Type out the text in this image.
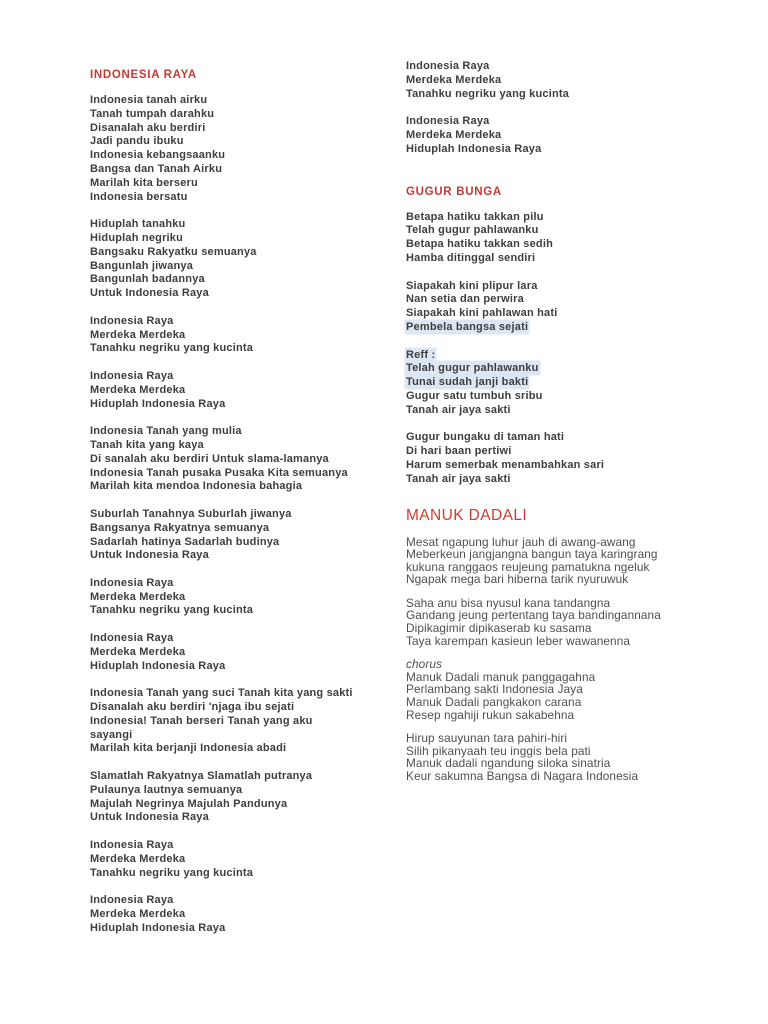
INDONESIA RAYA
Indonesia tanah airku
Tanah tumpah darahku
Disanalah aku berdiri
Jadi pandu ibuku
Indonesia kebangsaanku
Bangsa dan Tanah Airku
Marilah kita berseru
Indonesia bersatu
Hiduplah tanahku
Hiduplah negriku
Bangsaku Rakyatku semuanya
Bangunlah jiwanya
Bangunlah badannya
Untuk Indonesia Raya
Indonesia Raya
Merdeka Merdeka
Tanahku negriku yang kucinta
Indonesia Raya
Merdeka Merdeka
Hiduplah Indonesia Raya
Indonesia Tanah yang mulia
Tanah kita yang kaya
Di sanalah aku berdiri Untuk slama-lamanya
Indonesia Tanah pusaka Pusaka Kita semuanya
Marilah kita mendoa Indonesia bahagia
Suburlah Tanahnya Suburlah jiwanya
Bangsanya Rakyatnya semuanya
Sadarlah hatinya Sadarlah budinya
Untuk Indonesia Raya
Indonesia Raya
Merdeka Merdeka
Tanahku negriku yang kucinta
Indonesia Raya
Merdeka Merdeka
Hiduplah Indonesia Raya
Indonesia Tanah yang suci Tanah kita yang sakti
Disanalah aku berdiri 'njaga ibu sejati
Indonesia! Tanah berseri Tanah yang aku
sayangi
Marilah kita berjanji Indonesia abadi
Slamatlah Rakyatnya Slamatlah putranya
Pulaunya lautnya semuanya
Majulah Negrinya Majulah Pandunya
Untuk Indonesia Raya
Indonesia Raya
Merdeka Merdeka
Tanahku negriku yang kucinta
Indonesia Raya
Merdeka Merdeka
Hiduplah Indonesia Raya
Indonesia Raya
Merdeka Merdeka
Tanahku negriku yang kucinta
Indonesia Raya
Merdeka Merdeka
Hiduplah Indonesia Raya
GUGUR BUNGA
Betapa hatiku takkan pilu
Telah gugur pahlawanku
Betapa hatiku takkan sedih
Hamba ditinggal sendiri
Siapakah kini plipur lara
Nan setia dan perwira
Siapakah kini pahlawan hati
Pembela bangsa sejati
Reff :
Telah gugur pahlawanku
Tunai sudah janji bakti
Gugur satu tumbuh sribu
Tanah air jaya sakti
Gugur bungaku di taman hati
Di hari baan pertiwi
Harum semerbak menambahkan sari
Tanah air jaya sakti
MANUK DADALI
Mesat ngapung luhur jauh di awang-awang
Meberkeun jangjangna bangun taya karingrang
kukuna ranggaos reujeung pamatukna ngeluk
Ngapak mega bari hiberna tarik nyuruwuk
Saha anu bisa nyusul kana tandangna
Gandang jeung pertentang taya bandingannana
Dipikagimir dipikaserab ku sasama
Taya karempan kasieun leber wawanenna
chorus
Manuk Dadali manuk panggagahna
Perlambang sakti Indonesia Jaya
Manuk Dadali pangkakon carana
Resep ngahiji rukun sakabehna
Hirup sauyunan tara pahiri-hiri
Silih pikanyaah teu inggis bela pati
Manuk dadali ngandung siloka sinatria
Keur sakumna Bangsa di Nagara Indonesia
